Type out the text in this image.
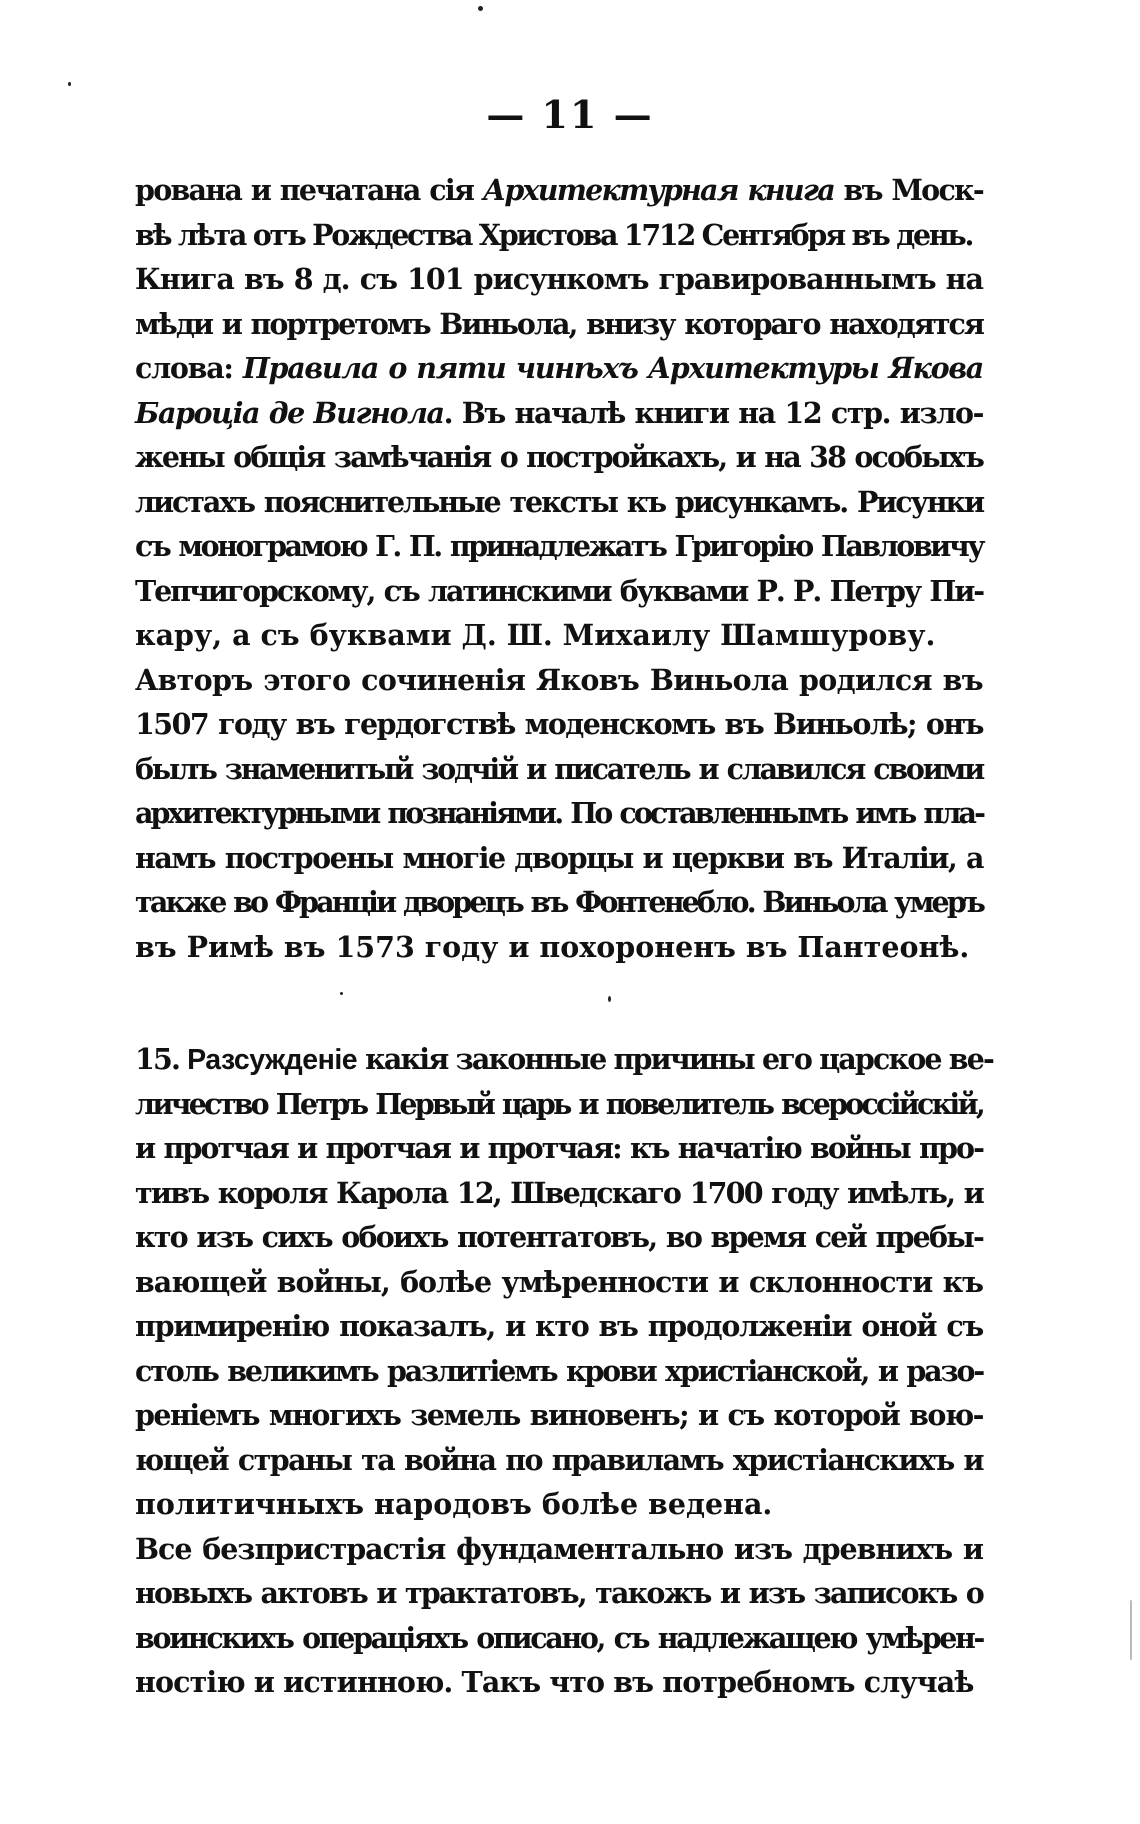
— 11 —
рована и печатана сія Архитектурная книга въ Моск-
вѣ лѣта отъ Рождества Христова 1712 Сентября въ день.
Книга въ 8 д. съ 101 рисункомъ гравированнымъ на
мѣди и портретомъ Виньола, внизу котораго находятся
слова: Правила о пяти чинѣхъ Архитектуры Якова
Бароціа де Вигнола. Въ началѣ книги на 12 стр. изло-
жены общія замѣчанія о постройкахъ, и на 38 особыхъ
листахъ пояснительные тексты къ рисункамъ. Рисунки
съ монограмою Г. П. принадлежатъ Григорію Павловичу
Тепчигорскому, съ латинскими буквами Р. Р. Петру Пи-
кару, а съ буквами Д. Ш. Михаилу Шамшурову.
Авторъ этого сочиненія Яковъ Виньола родился въ
1507 году въ гердогствѣ моденскомъ въ Виньолѣ; онъ
былъ знаменитый зодчій и писатель и славился своими
архитектурными познаніями. По составленнымъ имъ пла-
намъ построены многіе дворцы и церкви въ Италіи, а
также во Франціи дворецъ въ Фонтенебло. Виньола умеръ
въ Римѣ въ 1573 году и похороненъ въ Пантеонѣ.
15. Разсужденіе какія законные причины его царское ве-
личество Петръ Первый царь и повелитель всероссійскій,
и протчая и протчая и протчая: къ начатію войны про-
тивъ короля Карола 12, Шведскаго 1700 году имѣлъ, и
кто изъ сихъ обоихъ потентатовъ, во время сей пребы-
вающей войны, болѣе умѣренности и склонности къ
примиренію показалъ, и кто въ продолженіи оной съ
столь великимъ разлитіемъ крови христіанской, и разо-
реніемъ многихъ земель виновенъ; и съ которой вою-
ющей страны та война по правиламъ христіанскихъ и
политичныхъ народовъ болѣе ведена.
Все безпристрастія фундаментально изъ древнихъ и
новыхъ актовъ и трактатовъ, такожъ и изъ записокъ о
воинскихъ операціяхъ описано, съ надлежащею умѣрен-
ностію и истинною. Такъ что въ потребномъ случаѣ
